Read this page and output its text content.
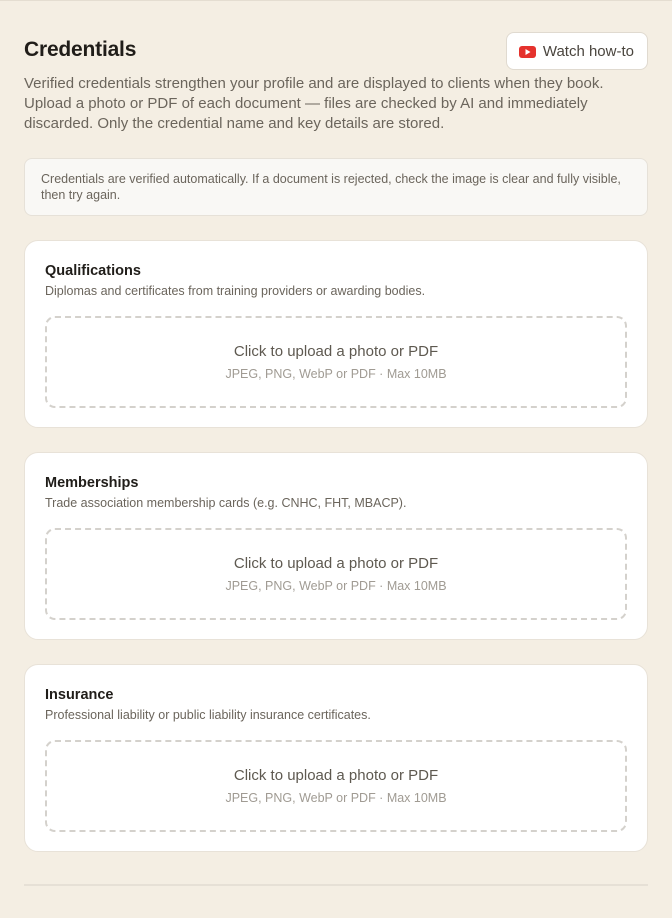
Credentials	Watch how-to

Verified credentials strengthen your profile and are displayed to clients when they book. Upload a photo or PDF of each document — files are checked by AI and immediately discarded. Only the credential name and key details are stored.

Credentials are verified automatically. If a document is rejected, check the image is clear and fully visible, then try again.
Qualifications
Diplomas and certificates from training providers or awarding bodies.
Click to upload a photo or PDF
JPEG, PNG, WebP or PDF · Max 10MB
Memberships
Trade association membership cards (e.g. CNHC, FHT, MBACP).
Click to upload a photo or PDF
JPEG, PNG, WebP or PDF · Max 10MB
Insurance
Professional liability or public liability insurance certificates.
Click to upload a photo or PDF
JPEG, PNG, WebP or PDF · Max 10MB
